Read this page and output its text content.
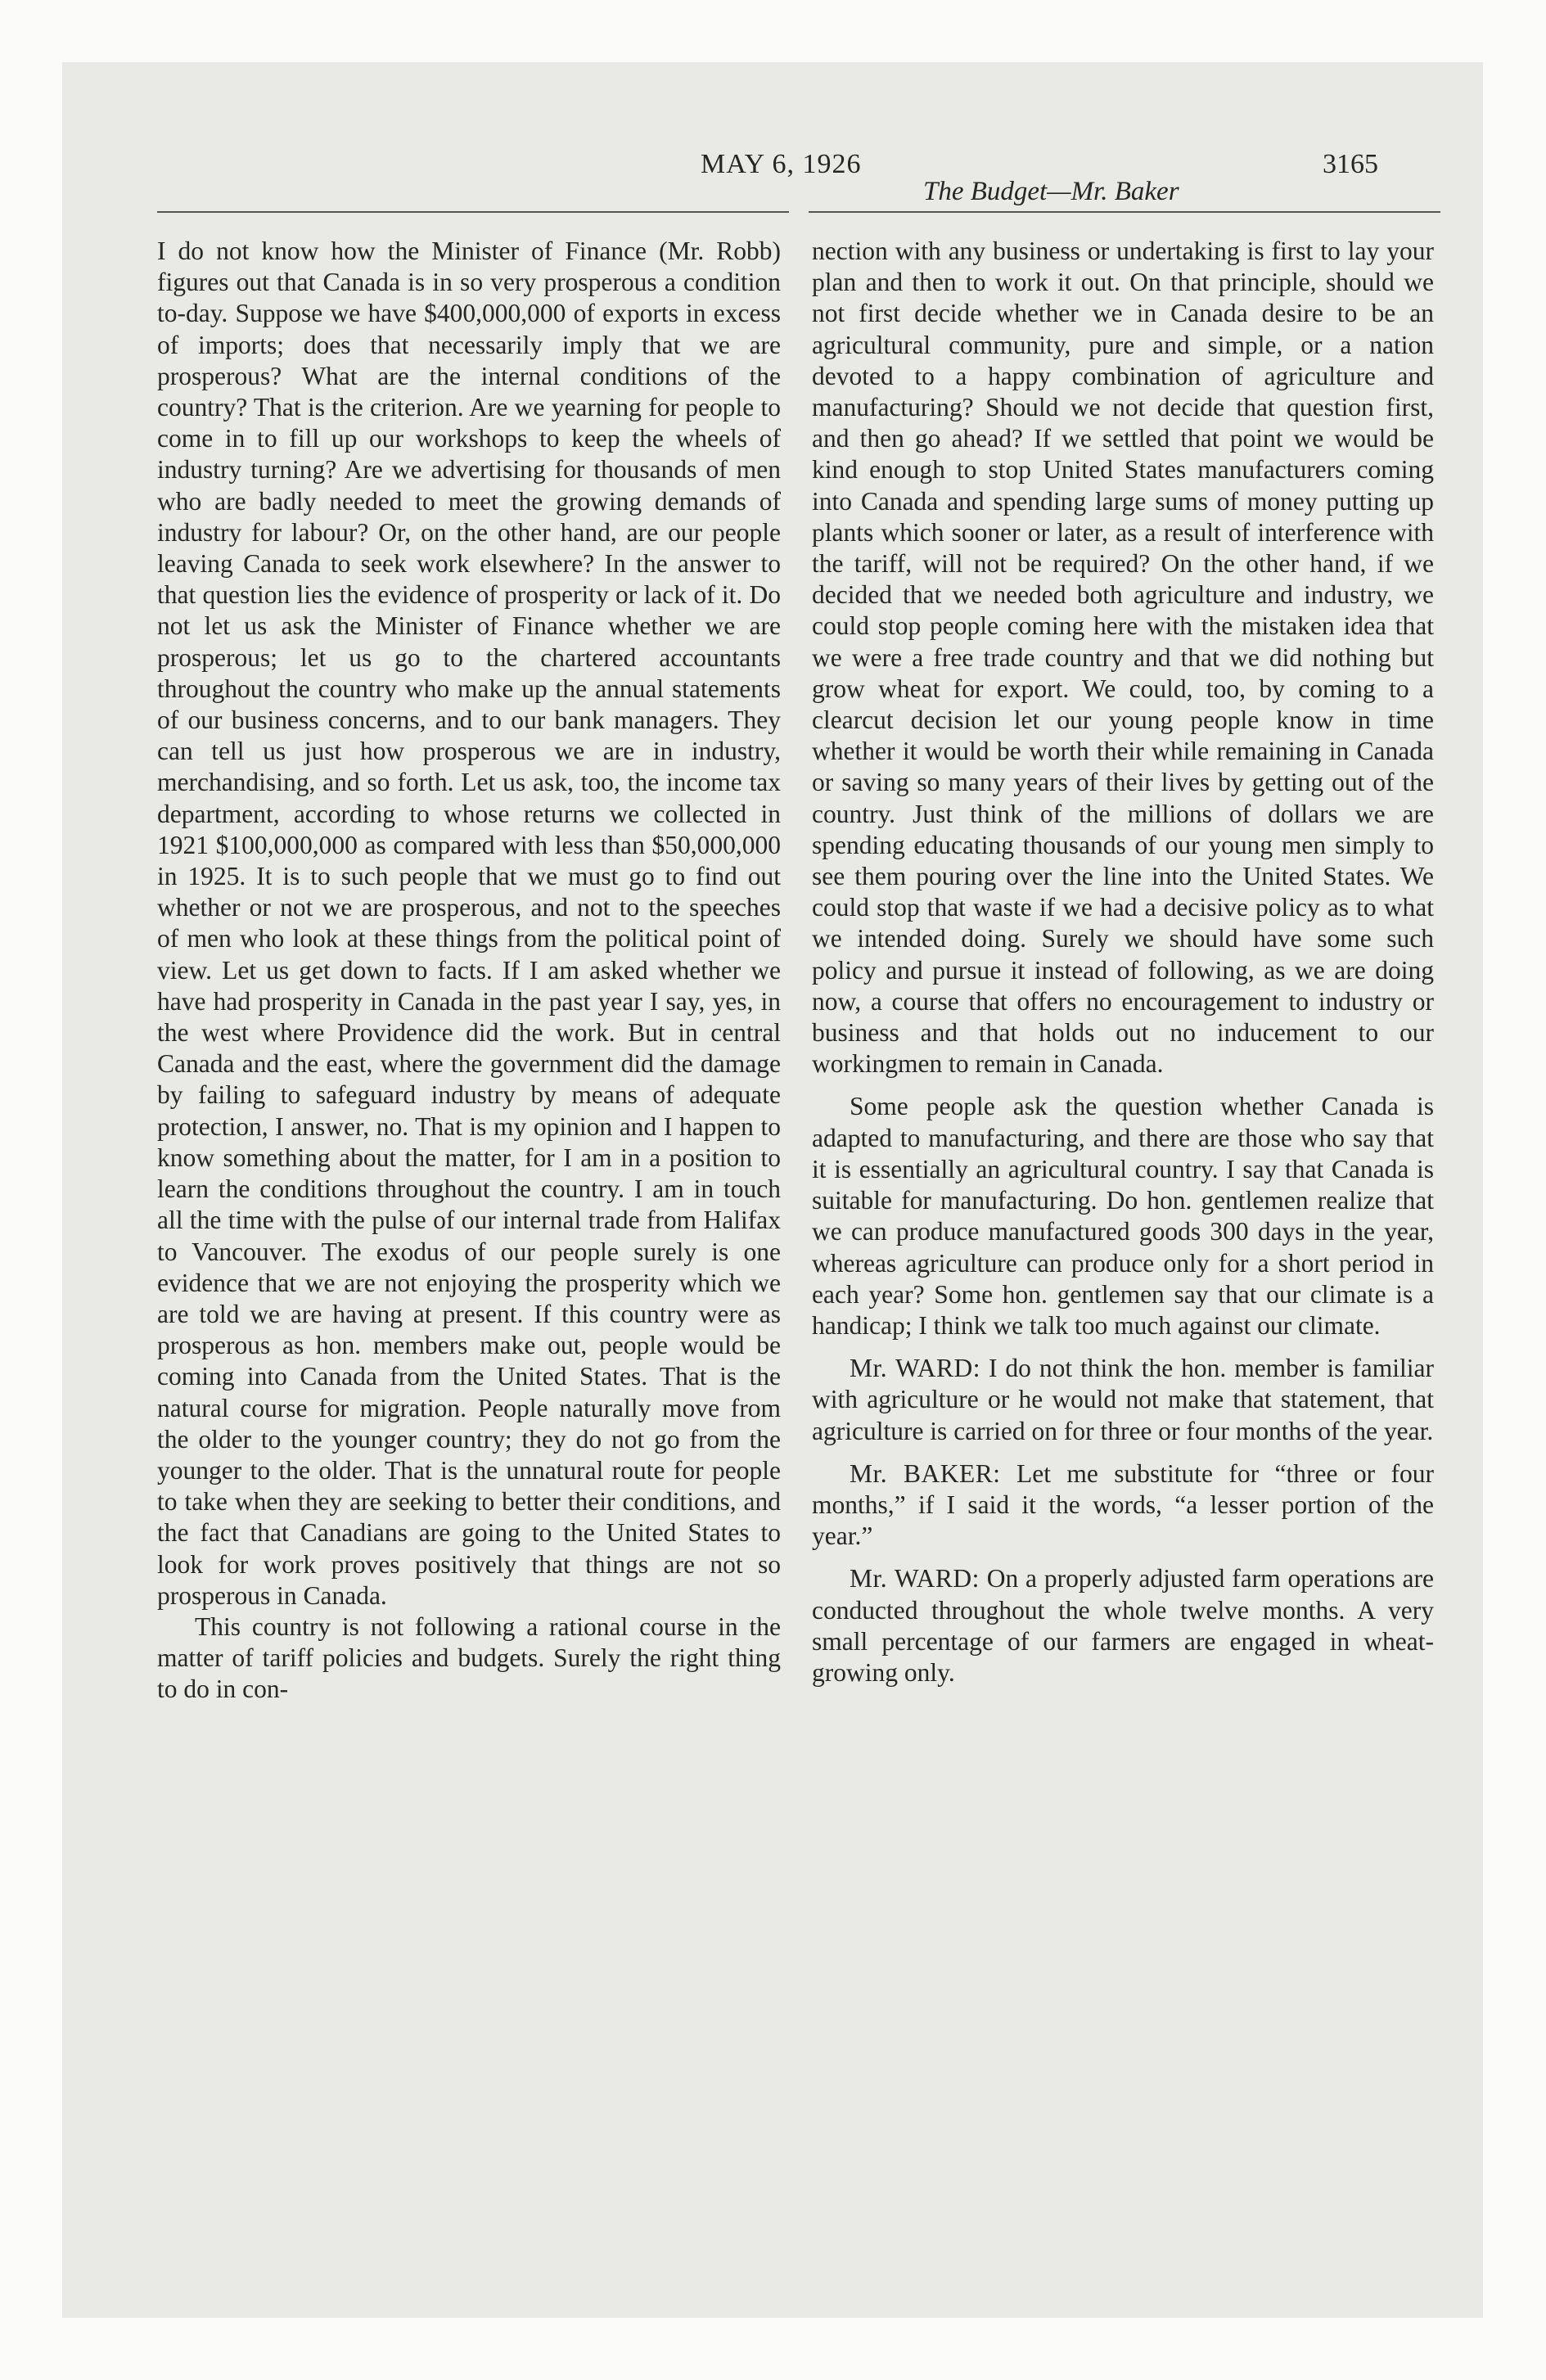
MAY 6, 1926	3165
The Budget—Mr. Baker

I do not know how the Minister of Finance (Mr. Robb) figures out that Canada is in so very prosperous a condition to-day. Suppose we have $400,000,000 of exports in excess of imports; does that necessarily imply that we are prosperous? What are the internal conditions of the country? That is the criterion. Are we yearning for people to come in to fill up our workshops to keep the wheels of industry turning? Are we advertising for thousands of men who are badly needed to meet the growing demands of industry for labour? Or, on the other hand, are our people leaving Canada to seek work elsewhere? In the answer to that question lies the evidence of prosperity or lack of it. Do not let us ask the Minister of Finance whether we are prosperous; let us go to the chartered accountants throughout the country who make up the annual statements of our business concerns, and to our bank managers. They can tell us just how prosperous we are in industry, merchandising, and so forth. Let us ask, too, the income tax department, according to whose returns we collected in 1921 $100,000,000 as compared with less than $50,000,000 in 1925. It is to such people that we must go to find out whether or not we are prosperous, and not to the speeches of men who look at these things from the political point of view. Let us get down to facts. If I am asked whether we have had prosperity in Canada in the past year I say, yes, in the west where Providence did the work. But in central Canada and the east, where the government did the damage by failing to safeguard industry by means of adequate protection, I answer, no. That is my opinion and I happen to know something about the matter, for I am in a position to learn the conditions throughout the country. I am in touch all the time with the pulse of our internal trade from Halifax to Vancouver. The exodus of our people surely is one evidence that we are not enjoying the prosperity which we are told we are having at present. If this country were as prosperous as hon. members make out, people would be coming into Canada from the United States. That is the natural course for migration. People naturally move from the older to the younger country; they do not go from the younger to the older. That is the unnatural route for people to take when they are seeking to better their conditions, and the fact that Canadians are going to the United States to look for work proves positively that things are not so prosperous in Canada.

This country is not following a rational course in the matter of tariff policies and budgets. Surely the right thing to do in con-

nection with any business or undertaking is first to lay your plan and then to work it out. On that principle, should we not first decide whether we in Canada desire to be an agricultural community, pure and simple, or a nation devoted to a happy combination of agriculture and manufacturing? Should we not decide that question first, and then go ahead? If we settled that point we would be kind enough to stop United States manufacturers coming into Canada and spending large sums of money putting up plants which sooner or later, as a result of interference with the tariff, will not be required? On the other hand, if we decided that we needed both agriculture and industry, we could stop people coming here with the mistaken idea that we were a free trade country and that we did nothing but grow wheat for export. We could, too, by coming to a clearcut decision let our young people know in time whether it would be worth their while remaining in Canada or saving so many years of their lives by getting out of the country. Just think of the millions of dollars we are spending educating thousands of our young men simply to see them pouring over the line into the United States. We could stop that waste if we had a decisive policy as to what we intended doing. Surely we should have some such policy and pursue it instead of following, as we are doing now, a course that offers no encouragement to industry or business and that holds out no inducement to our workingmen to remain in Canada.

Some people ask the question whether Canada is adapted to manufacturing, and there are those who say that it is essentially an agricultural country. I say that Canada is suitable for manufacturing. Do hon. gentlemen realize that we can produce manufactured goods 300 days in the year, whereas agriculture can produce only for a short period in each year? Some hon. gentlemen say that our climate is a handicap; I think we talk too much against our climate.

Mr. WARD: I do not think the hon. member is familiar with agriculture or he would not make that statement, that agriculture is carried on for three or four months of the year.

Mr. BAKER: Let me substitute for “three or four months,” if I said it the words, “a lesser portion of the year.”

Mr. WARD: On a properly adjusted farm operations are conducted throughout the whole twelve months. A very small percentage of our farmers are engaged in wheat-growing only.
